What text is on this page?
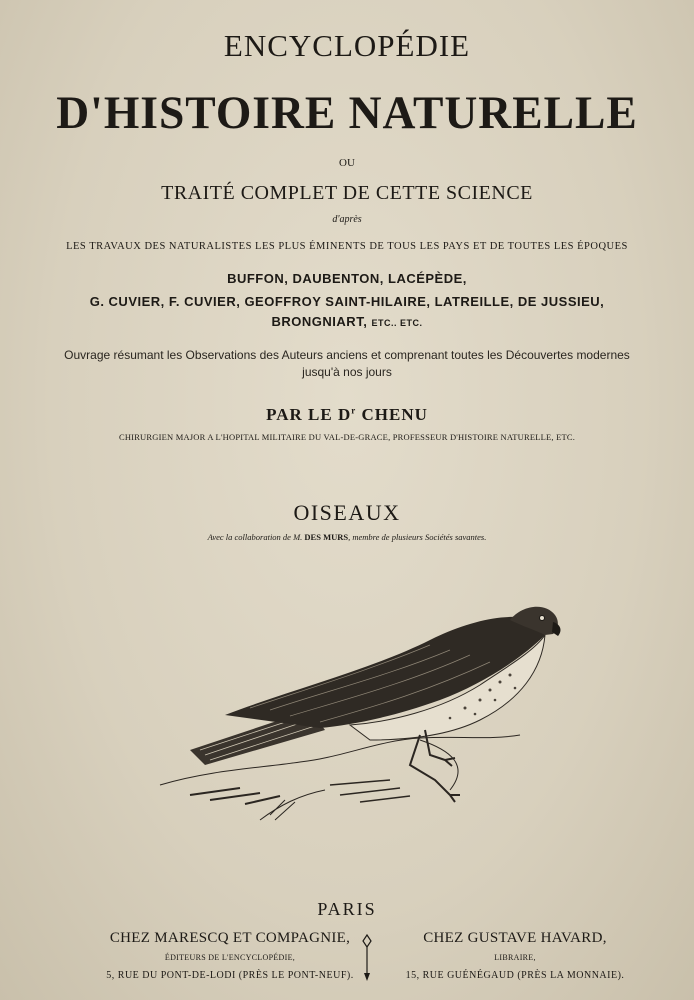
ENCYCLOPÉDIE
D'HISTOIRE NATURELLE
OU
TRAITÉ COMPLET DE CETTE SCIENCE
d'après
LES TRAVAUX DES NATURALISTES LES PLUS ÉMINENTS DE TOUS LES PAYS ET DE TOUTES LES ÉPOQUES
BUFFON, DAUBENTON, LACÉPÈDE,
G. CUVIER, F. CUVIER, GEOFFROY SAINT-HILAIRE, LATREILLE, DE JUSSIEU,
BRONGNIART, ETC.. ETC.
Ouvrage résumant les Observations des Auteurs anciens et comprenant toutes les Découvertes modernes
jusqu'à nos jours
PAR LE $D^r$ CHENU
CHIRURGIEN MAJOR A L'HOPITAL MILITAIRE DU VAL-DE-GRACE, PROFESSEUR D'HISTOIRE NATURELLE, ETC.
OISEAUX
Avec la collaboration de M. DES MURS, membre de plusieurs Sociétés savantes.
PARIS
CHEZ MARESCQ ET COMPAGNIE,
ÉDITEURS DE L'ENCYCLOPÉDIE,
5, RUE DU PONT-DE-LODI (PRÈS LE PONT-NEUF).
CHEZ GUSTAVE HAVARD,
LIBRAIRE,
15, RUE GUÉNÉGAUD (PRÈS LA MONNAIE).
